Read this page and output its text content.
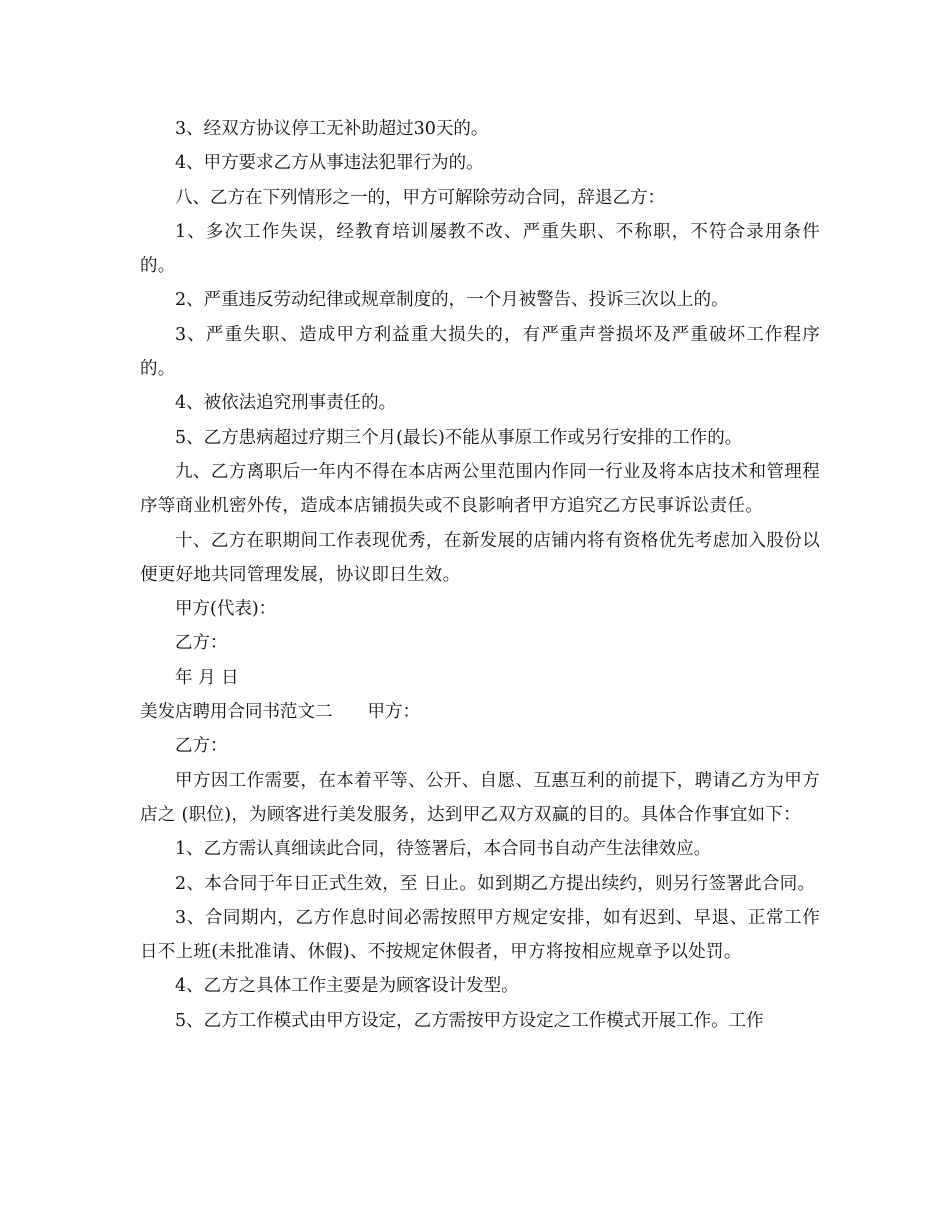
3、经双方协议停工无补助超过30天的。

4、甲方要求乙方从事违法犯罪行为的。

八、乙方在下列情形之一的，甲方可解除劳动合同，辞退乙方：

1、多次工作失误，经教育培训屡教不改、严重失职、不称职，不符合录用条件的。

2、严重违反劳动纪律或规章制度的，一个月被警告、投诉三次以上的。

3、严重失职、造成甲方利益重大损失的，有严重声誉损坏及严重破坏工作程序的。

4、被依法追究刑事责任的。

5、乙方患病超过疗期三个月(最长)不能从事原工作或另行安排的工作的。

九、乙方离职后一年内不得在本店两公里范围内作同一行业及将本店技术和管理程序等商业机密外传，造成本店铺损失或不良影响者甲方追究乙方民事诉讼责任。

十、乙方在职期间工作表现优秀，在新发展的店铺内将有资格优先考虑加入股份以便更好地共同管理发展，协议即日生效。

甲方(代表)：

乙方：

年 月 日

美发店聘用合同书范文二　　甲方：

乙方：

甲方因工作需要，在本着平等、公开、自愿、互惠互利的前提下，聘请乙方为甲方店之 (职位)，为顾客进行美发服务，达到甲乙双方双赢的目的。具体合作事宜如下：

1、乙方需认真细读此合同，待签署后，本合同书自动产生法律效应。

2、本合同于年日正式生效，至 日止。如到期乙方提出续约，则另行签署此合同。

3、合同期内，乙方作息时间必需按照甲方规定安排，如有迟到、早退、正常工作日不上班(未批准请、休假)、不按规定休假者，甲方将按相应规章予以处罚。

4、乙方之具体工作主要是为顾客设计发型。

5、乙方工作模式由甲方设定，乙方需按甲方设定之工作模式开展工作。工作
